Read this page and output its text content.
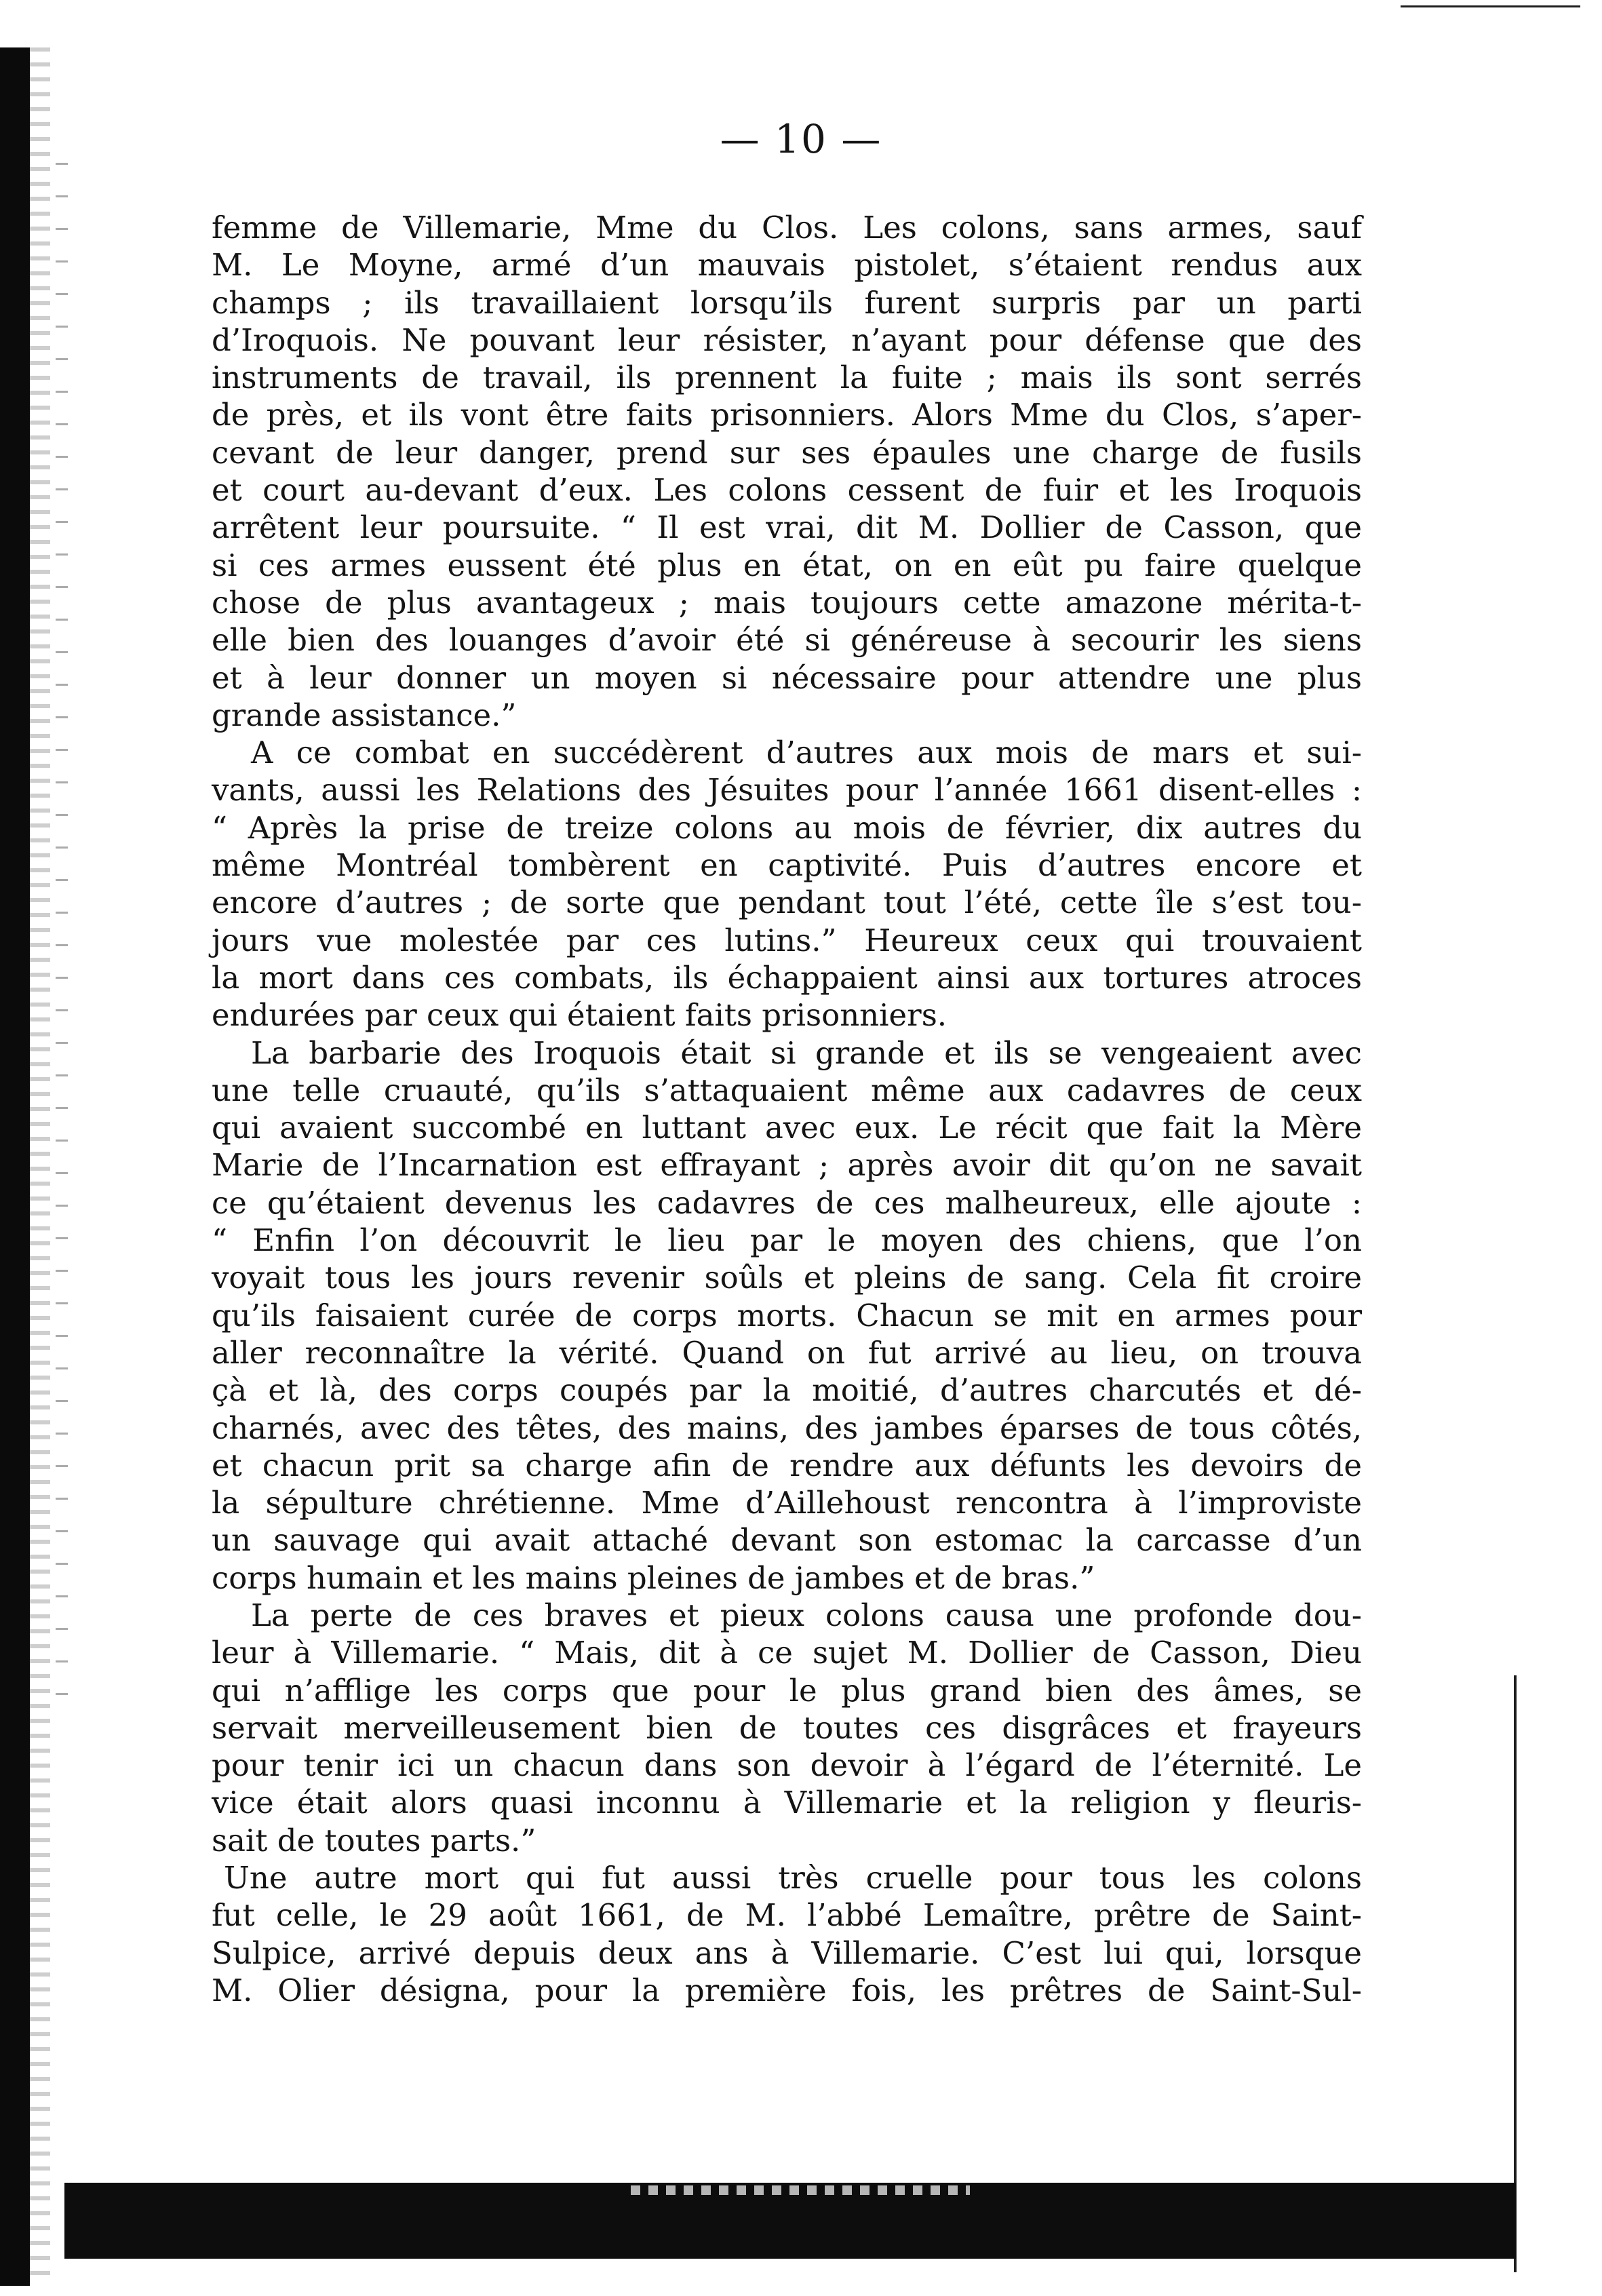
— 10 —
femme de Villemarie, Mme du Clos. Les colons, sans armes, sauf
M. Le Moyne, armé d’un mauvais pistolet, s’étaient rendus aux
champs ; ils travaillaient lorsqu’ils furent surpris par un parti
d’Iroquois. Ne pouvant leur résister, n’ayant pour défense que des
instruments de travail, ils prennent la fuite ; mais ils sont serrés
de près, et ils vont être faits prisonniers. Alors Mme du Clos, s’aper-
cevant de leur danger, prend sur ses épaules une charge de fusils
et court au-devant d’eux. Les colons cessent de fuir et les Iroquois
arrêtent leur poursuite. “ Il est vrai, dit M. Dollier de Casson, que
si ces armes eussent été plus en état, on en eût pu faire quelque
chose de plus avantageux ; mais toujours cette amazone mérita-t-
elle bien des louanges d’avoir été si généreuse à secourir les siens
et à leur donner un moyen si nécessaire pour attendre une plus
grande assistance.”
A ce combat en succédèrent d’autres aux mois de mars et sui-
vants, aussi les Relations des Jésuites pour l’année 1661 disent-elles :
“ Après la prise de treize colons au mois de février, dix autres du
même Montréal tombèrent en captivité. Puis d’autres encore et
encore d’autres ; de sorte que pendant tout l’été, cette île s’est tou-
jours vue molestée par ces lutins.” Heureux ceux qui trouvaient
la mort dans ces combats, ils échappaient ainsi aux tortures atroces
endurées par ceux qui étaient faits prisonniers.
La barbarie des Iroquois était si grande et ils se vengeaient avec
une telle cruauté, qu’ils s’attaquaient même aux cadavres de ceux
qui avaient succombé en luttant avec eux. Le récit que fait la Mère
Marie de l’Incarnation est effrayant ; après avoir dit qu’on ne savait
ce qu’étaient devenus les cadavres de ces malheureux, elle ajoute :
“ Enfin l’on découvrit le lieu par le moyen des chiens, que l’on
voyait tous les jours revenir soûls et pleins de sang. Cela fit croire
qu’ils faisaient curée de corps morts. Chacun se mit en armes pour
aller reconnaître la vérité. Quand on fut arrivé au lieu, on trouva
çà et là, des corps coupés par la moitié, d’autres charcutés et dé-
charnés, avec des têtes, des mains, des jambes éparses de tous côtés,
et chacun prit sa charge afin de rendre aux défunts les devoirs de
la sépulture chrétienne. Mme d’Aillehoust rencontra à l’improviste
un sauvage qui avait attaché devant son estomac la carcasse d’un
corps humain et les mains pleines de jambes et de bras.”
La perte de ces braves et pieux colons causa une profonde dou-
leur à Villemarie. “ Mais, dit à ce sujet M. Dollier de Casson, Dieu
qui n’afflige les corps que pour le plus grand bien des âmes, se
servait merveilleusement bien de toutes ces disgrâces et frayeurs
pour tenir ici un chacun dans son devoir à l’égard de l’éternité. Le
vice était alors quasi inconnu à Villemarie et la religion y fleuris-
sait de toutes parts.”
Une autre mort qui fut aussi très cruelle pour tous les colons
fut celle, le 29 août 1661, de M. l’abbé Lemaître, prêtre de Saint-
Sulpice, arrivé depuis deux ans à Villemarie. C’est lui qui, lorsque
M. Olier désigna, pour la première fois, les prêtres de Saint-Sul-
